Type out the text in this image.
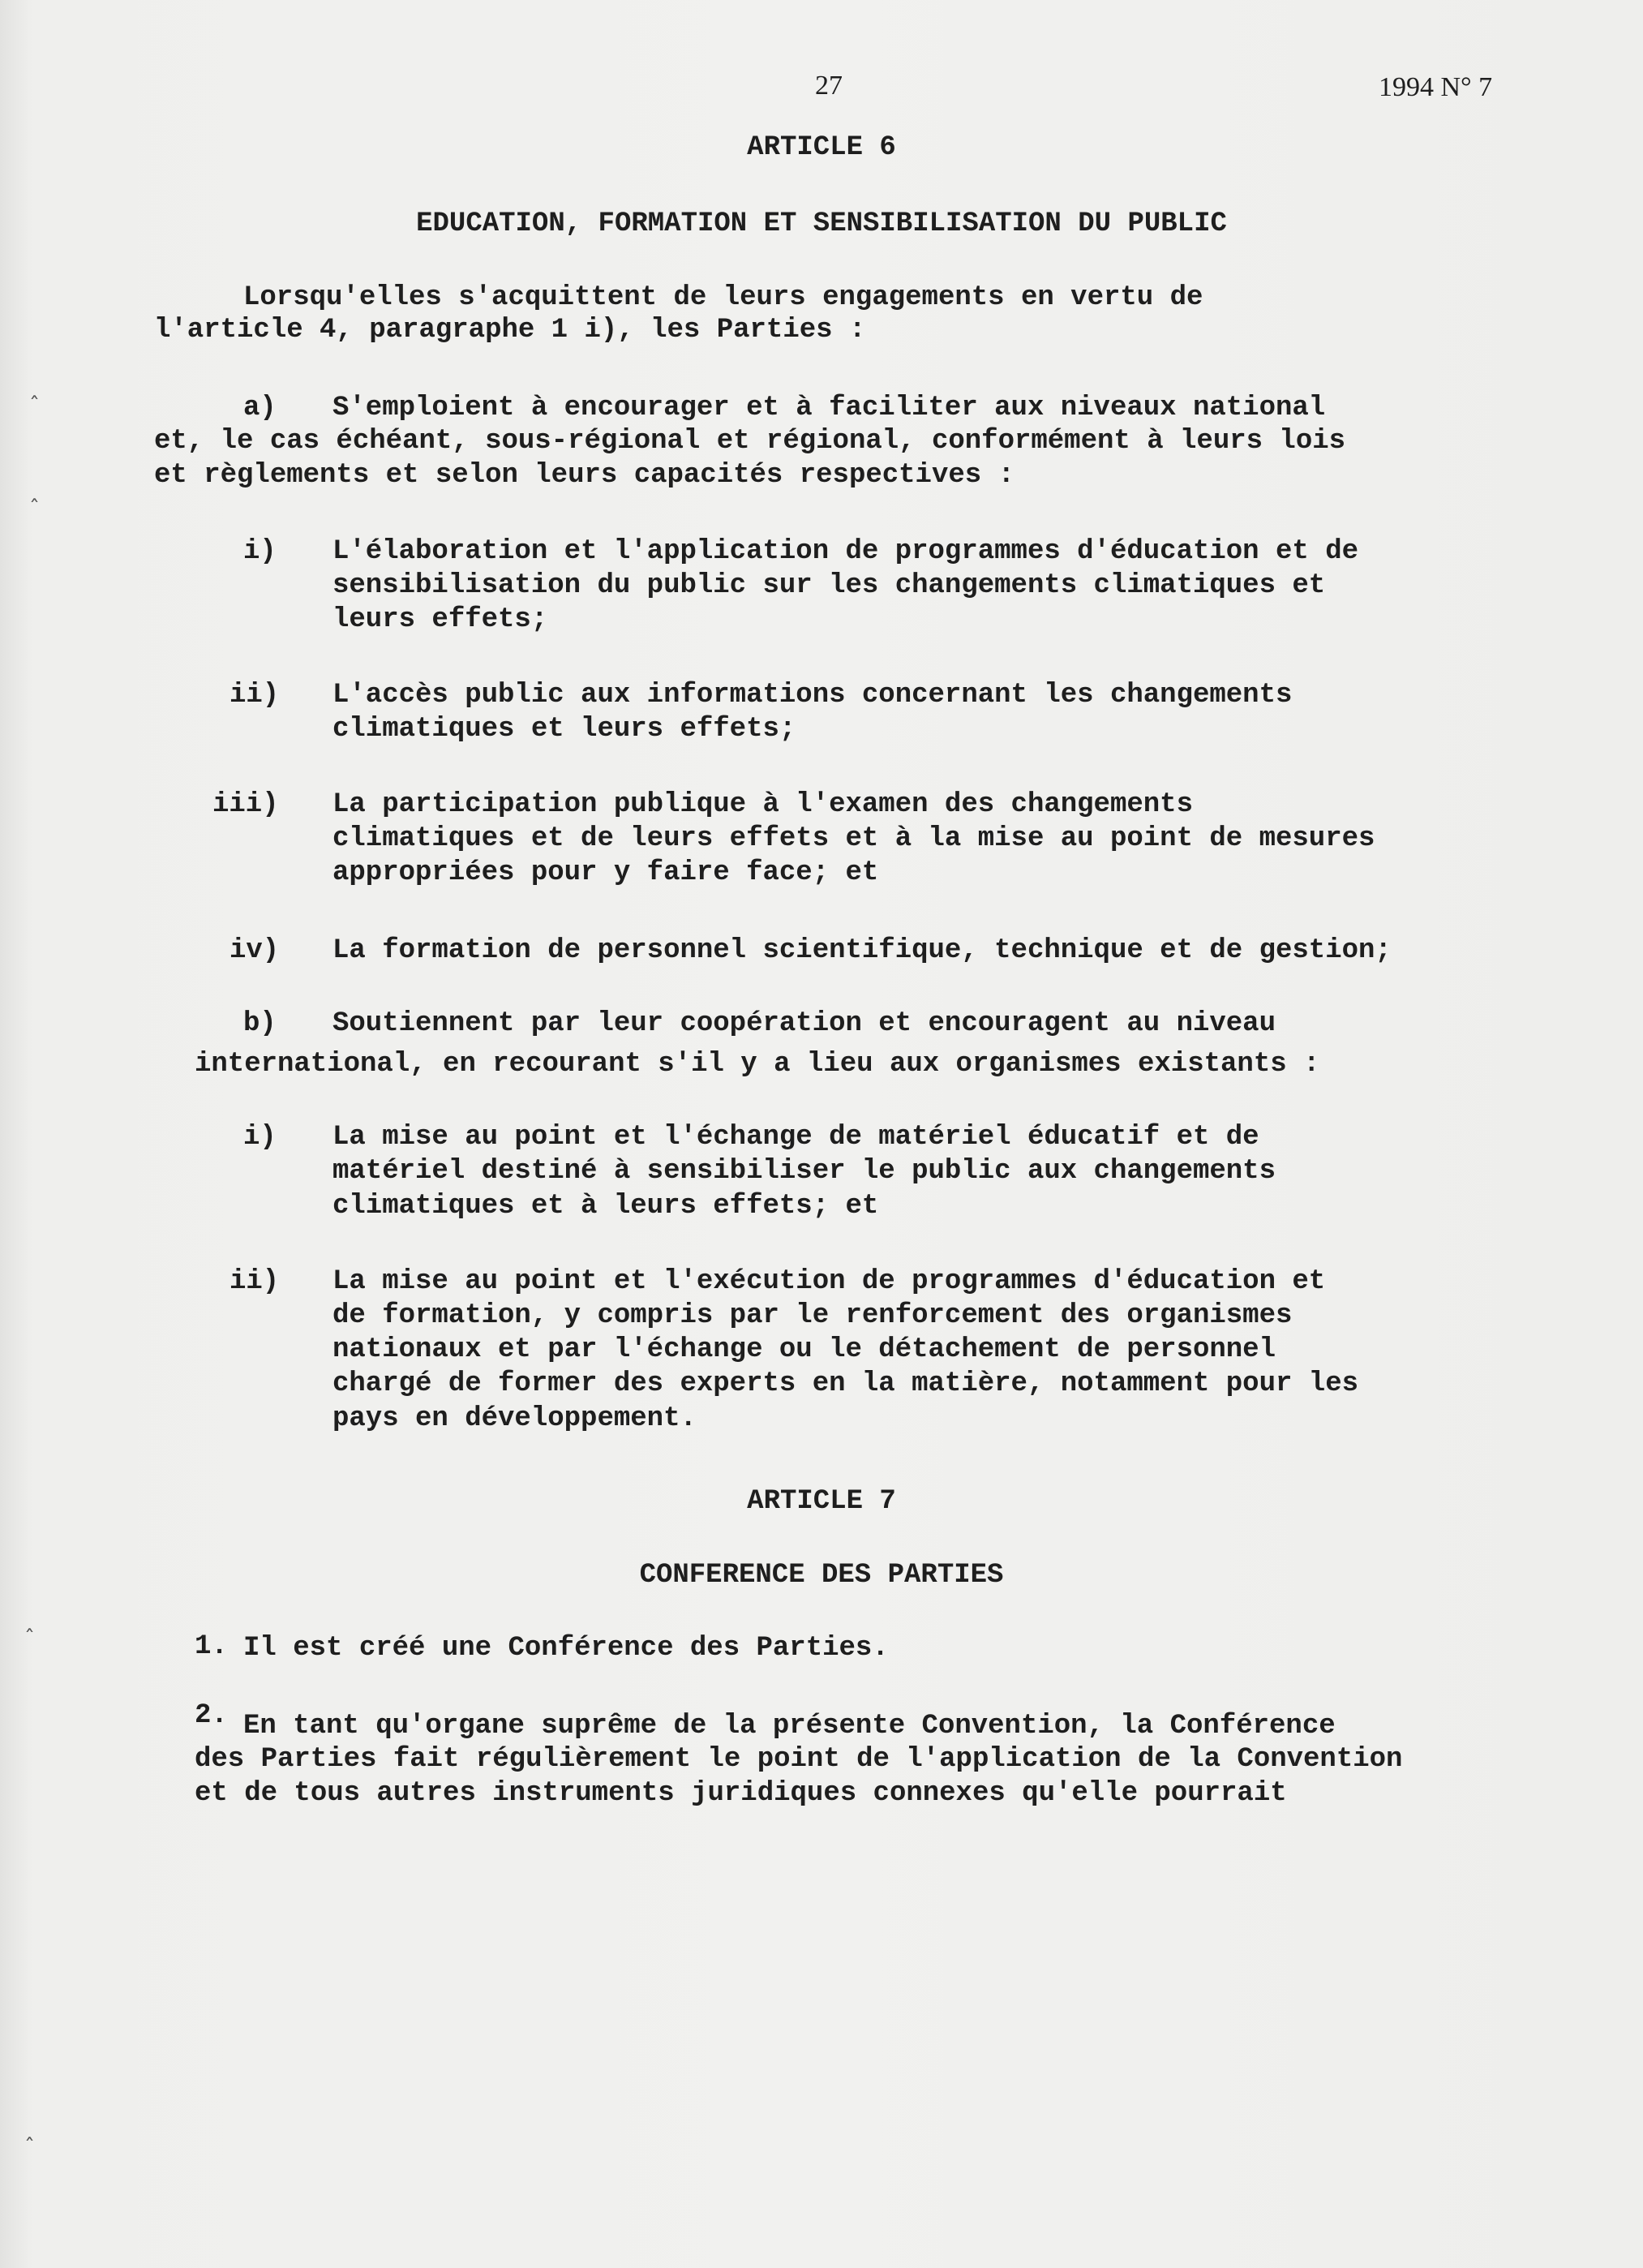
ˆ
ˆ
ˆ
ˆ
27	1994 N° 7
ARTICLE 6
EDUCATION, FORMATION ET SENSIBILISATION DU PUBLIC
Lorsqu'elles s'acquittent de leurs engagements en vertu de
l'article 4, paragraphe 1 i), les Parties :
a) S'emploient à encourager et à faciliter aux niveaux national
et, le cas échéant, sous-régional et régional, conformément à leurs lois
et règlements et selon leurs capacités respectives :
i) L'élaboration et l'application de programmes d'éducation et de
sensibilisation du public sur les changements climatiques et
leurs effets;
ii) L'accès public aux informations concernant les changements
climatiques et leurs effets;
iii) La participation publique à l'examen des changements
climatiques et de leurs effets et à la mise au point de mesures
appropriées pour y faire face; et
iv) La formation de personnel scientifique, technique et de gestion;
b) Soutiennent par leur coopération et encouragent au niveau
international, en recourant s'il y a lieu aux organismes existants :
i) La mise au point et l'échange de matériel éducatif et de
matériel destiné à sensibiliser le public aux changements
climatiques et à leurs effets; et
ii) La mise au point et l'exécution de programmes d'éducation et
de formation, y compris par le renforcement des organismes
nationaux et par l'échange ou le détachement de personnel
chargé de former des experts en la matière, notamment pour les
pays en développement.
ARTICLE 7
CONFERENCE DES PARTIES
1. Il est créé une Conférence des Parties.
2. En tant qu'organe suprême de la présente Convention, la Conférence
des Parties fait régulièrement le point de l'application de la Convention
et de tous autres instruments juridiques connexes qu'elle pourrait
